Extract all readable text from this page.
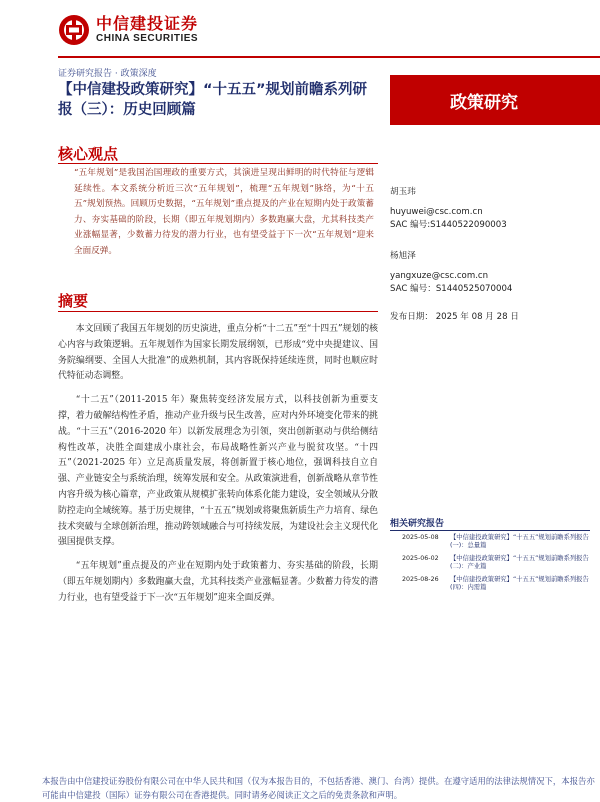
中信建投证券
CHINA SECURITIES
证券研究报告 · 政策深度
【中信建投政策研究】“十五五”规划前瞻系列研报（三）：历史回顾篇	政策研究
核心观点
“五年规划”是我国治国理政的重要方式，其演进呈现出鲜明的时代特征与逻辑延续性。本文系统分析近三次“五年规划”，梳理“五年规划”脉络，为“十五五”规划预热。回顾历史数据，“五年规划”重点提及的产业在短期内处于政策蓄力、夯实基础的阶段，长期（即五年规划期内）多数跑赢大盘，尤其科技类产业涨幅显著，少数蓄力待发的潜力行业，也有望受益于下一次“五年规划”迎来全面反弹。
摘要

本文回顾了我国五年规划的历史演进，重点分析“十二五”至“十四五”规划的核心内容与政策逻辑。五年规划作为国家长期发展纲领，已形成“党中央提建议、国务院编纲要、全国人大批准”的成熟机制，其内容既保持延续连贯，同时也顺应时代特征动态调整。

“十二五”（2011-2015 年）聚焦转变经济发展方式，以科技创新为重要支撑，着力破解结构性矛盾，推动产业升级与民生改善，应对内外环境变化带来的挑战。“十三五”（2016-2020 年）以新发展理念为引领，突出创新驱动与供给侧结构性改革，决胜全面建成小康社会，布局战略性新兴产业与脱贫攻坚。“十四五”（2021-2025 年）立足高质量发展，将创新置于核心地位，强调科技自立自强、产业链安全与系统治理，统筹发展和安全。从政策演进看，创新战略从章节性内容升级为核心篇章，产业政策从规模扩张转向体系化能力建设，安全领域从分散防控走向全域统筹。基于历史规律，“十五五”规划或将聚焦新质生产力培育、绿色技术突破与全球创新治理，推动跨领域融合与可持续发展，为建设社会主义现代化强国提供支撑。

“五年规划”重点提及的产业在短期内处于政策蓄力、夯实基础的阶段，长期（即五年规划期内）多数跑赢大盘，尤其科技类产业涨幅显著。少数蓄力待发的潜力行业，也有望受益于下一次“五年规划”迎来全面反弹。

胡玉玮
huyuwei@csc.com.cn
SAC 编号:S1440522090003
杨旭泽
yangxuze@csc.com.cn
SAC 编号：S1440525070004
发布日期： 2025 年 08 月 28 日
相关研究报告
2025-05-08	【中信建投政策研究】“十五五”规划前瞻系列报告(一)：总量篇
2025-06-02	【中信建投政策研究】“十五五”规划前瞻系列报告(二)：产业篇
2025-08-26	【中信建投政策研究】“十五五”规划前瞻系列报告(四)：内需篇
本报告由中信建投证券股份有限公司在中华人民共和国（仅为本报告目的，不包括香港、澳门、台湾）提供。在遵守适用的法律法规情况下，本报告亦可能由中信建投（国际）证券有限公司在香港提供。同时请务必阅读正文之后的免责条款和声明。
